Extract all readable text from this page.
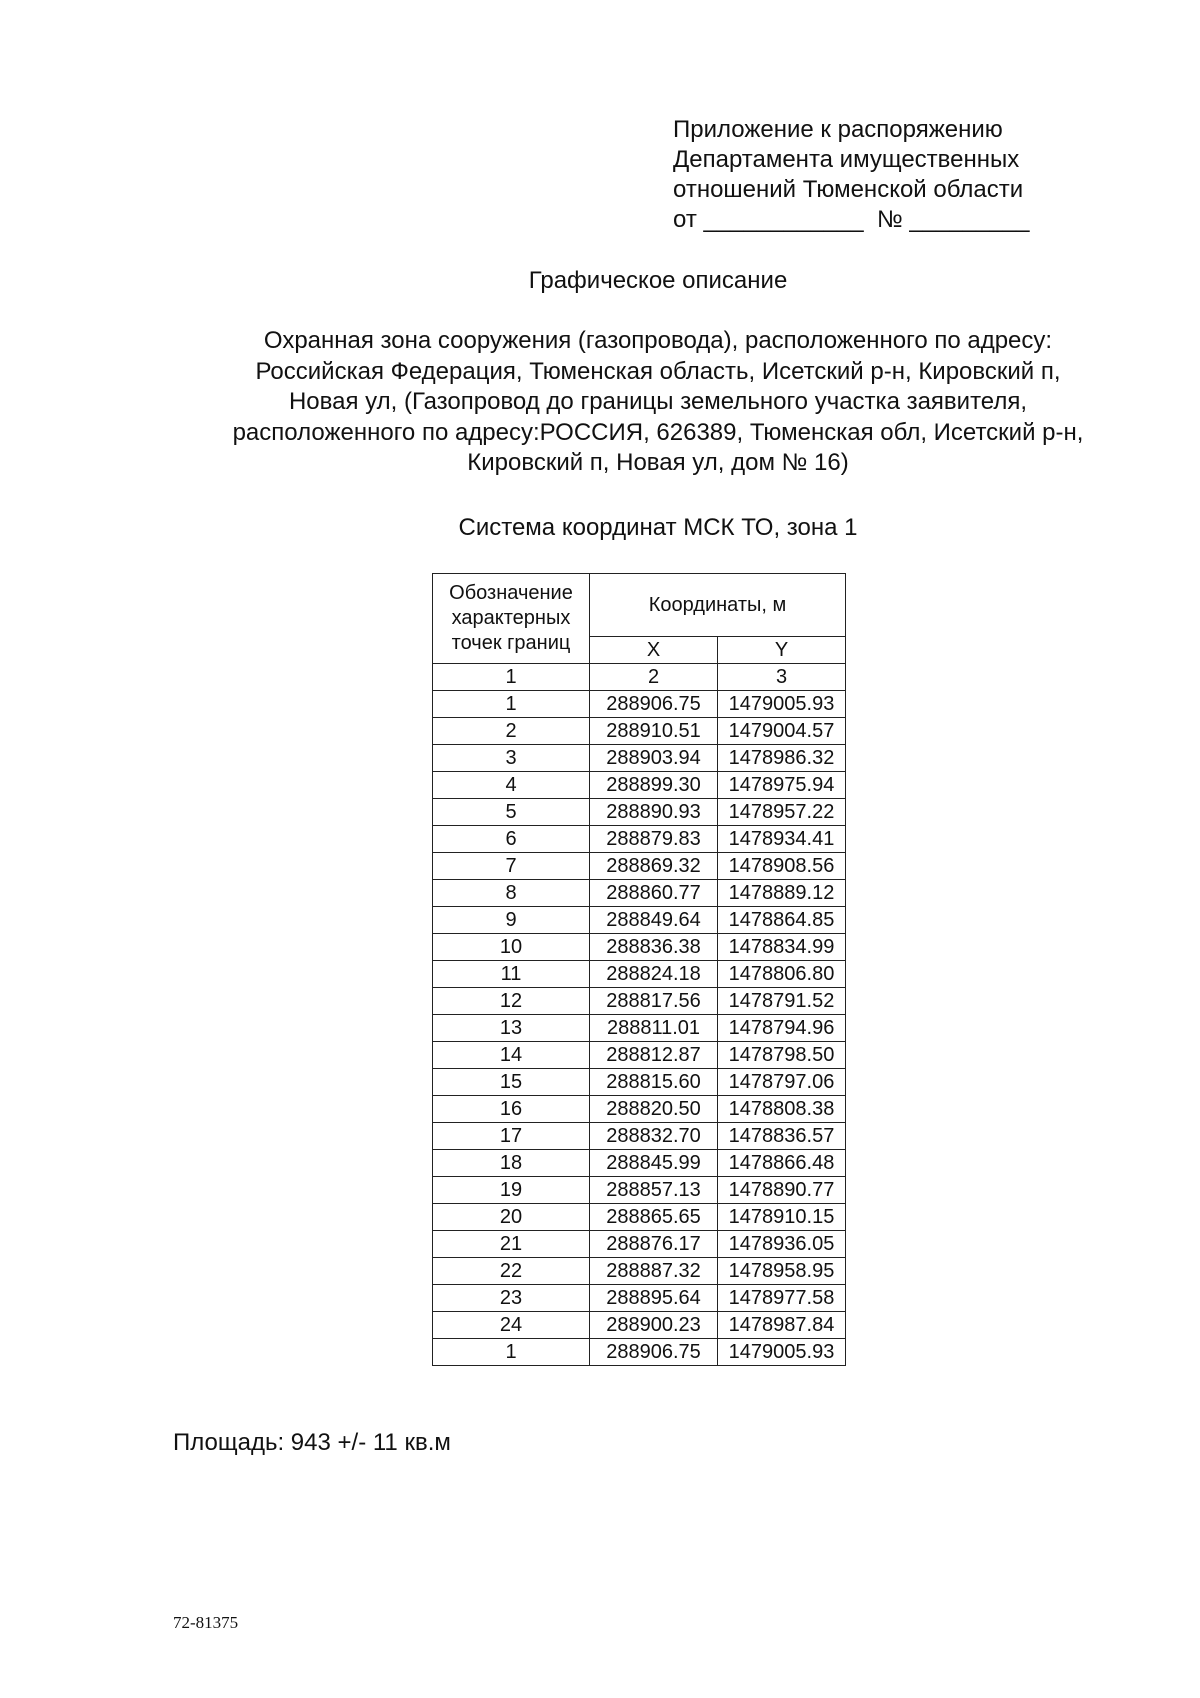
Приложение к распоряжению
Департамента имущественных
отношений Тюменской области
от ____________  № _________
Графическое описание
Охранная зона сооружения (газопровода), расположенного по адресу:
Российская Федерация, Тюменская область, Исетский р-н, Кировский п,
Новая ул, (Газопровод до границы земельного участка заявителя,
расположенного по адресу:РОССИЯ, 626389, Тюменская обл, Исетский р-н,
Кировский п, Новая ул, дом № 16)
Система координат МСК ТО, зона 1
Обозначение
характерных
точек границ	Координаты, м	
	X	Y
1	2	3
1	288906.75	1479005.93
2	288910.51	1479004.57
3	288903.94	1478986.32
4	288899.30	1478975.94
5	288890.93	1478957.22
6	288879.83	1478934.41
7	288869.32	1478908.56
8	288860.77	1478889.12
9	288849.64	1478864.85
10	288836.38	1478834.99
11	288824.18	1478806.80
12	288817.56	1478791.52
13	288811.01	1478794.96
14	288812.87	1478798.50
15	288815.60	1478797.06
16	288820.50	1478808.38
17	288832.70	1478836.57
18	288845.99	1478866.48
19	288857.13	1478890.77
20	288865.65	1478910.15
21	288876.17	1478936.05
22	288887.32	1478958.95
23	288895.64	1478977.58
24	288900.23	1478987.84
1	288906.75	1479005.93
Площадь: 943 +/- 11 кв.м
72-81375
